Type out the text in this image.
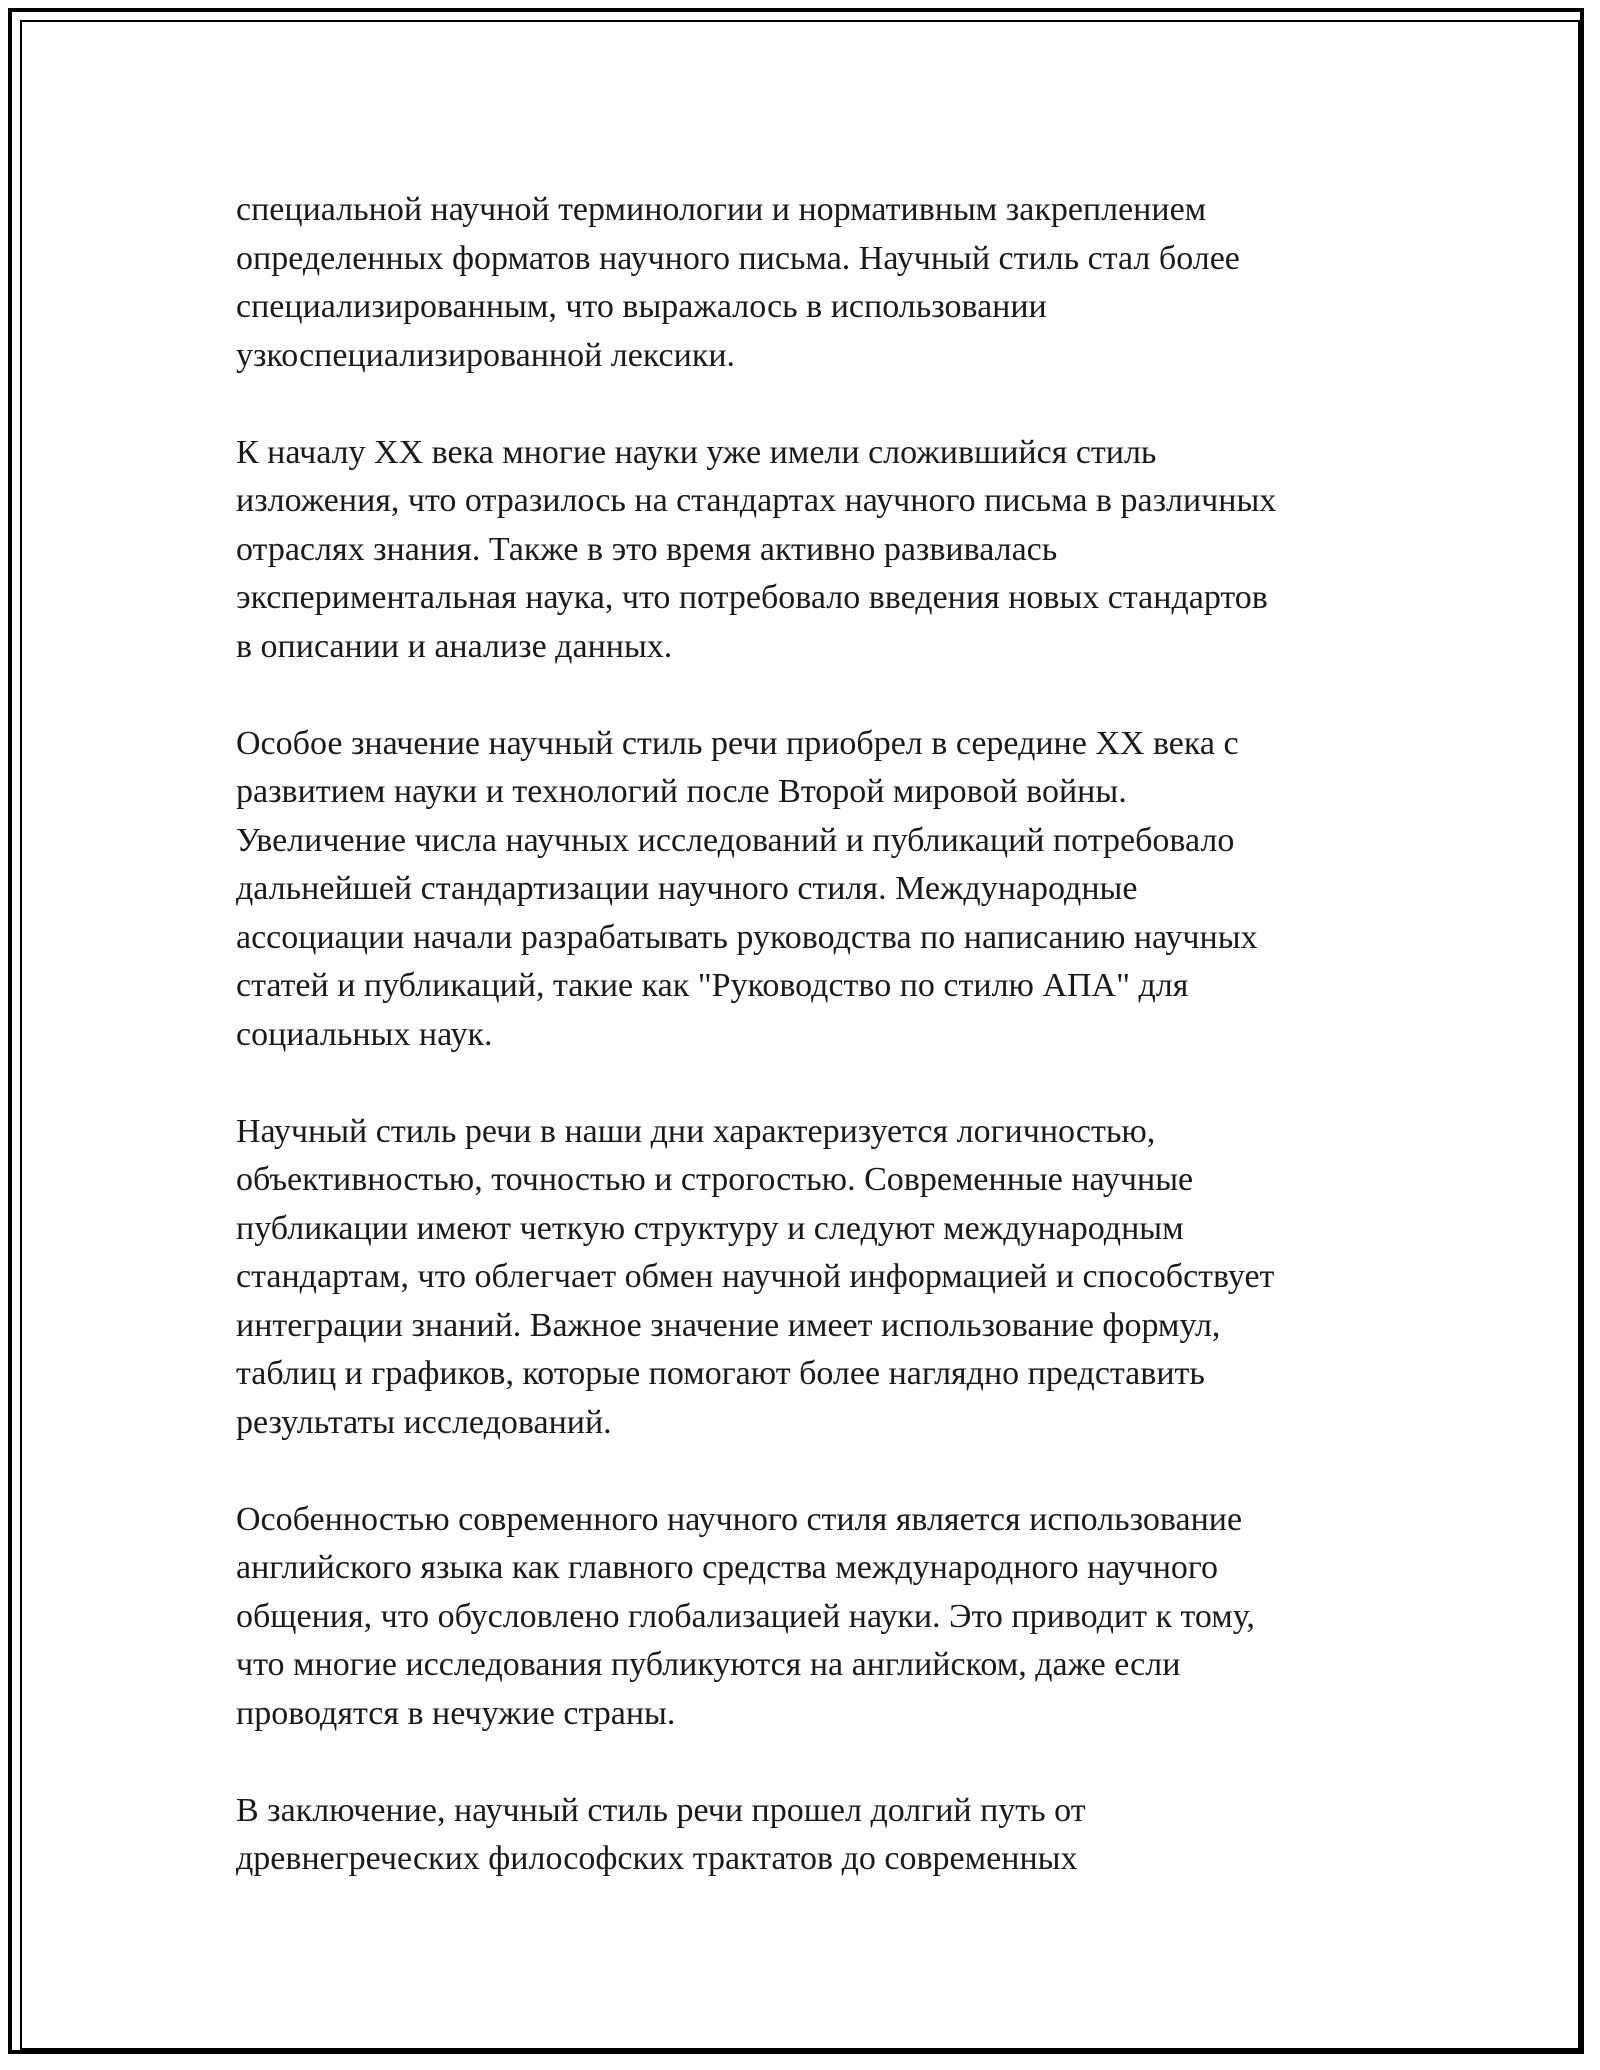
специальной научной терминологии и нормативным закреплением
определенных форматов научного письма. Научный стиль стал более
специализированным, что выражалось в использовании
узкоспециализированной лексики.

К началу XX века многие науки уже имели сложившийся стиль
изложения, что отразилось на стандартах научного письма в различных
отраслях знания. Также в это время активно развивалась
экспериментальная наука, что потребовало введения новых стандартов
в описании и анализе данных.

Особое значение научный стиль речи приобрел в середине XX века с
развитием науки и технологий после Второй мировой войны.
Увеличение числа научных исследований и публикаций потребовало
дальнейшей стандартизации научного стиля. Международные
ассоциации начали разрабатывать руководства по написанию научных
статей и публикаций, такие как "Руководство по стилю АПА" для
социальных наук.

Научный стиль речи в наши дни характеризуется логичностью,
объективностью, точностью и строгостью. Современные научные
публикации имеют четкую структуру и следуют международным
стандартам, что облегчает обмен научной информацией и способствует
интеграции знаний. Важное значение имеет использование формул,
таблиц и графиков, которые помогают более наглядно представить
результаты исследований.

Особенностью современного научного стиля является использование
английского языка как главного средства международного научного
общения, что обусловлено глобализацией науки. Это приводит к тому,
что многие исследования публикуются на английском, даже если
проводятся в нечужие страны.

В заключение, научный стиль речи прошел долгий путь от
древнегреческих философских трактатов до современных
